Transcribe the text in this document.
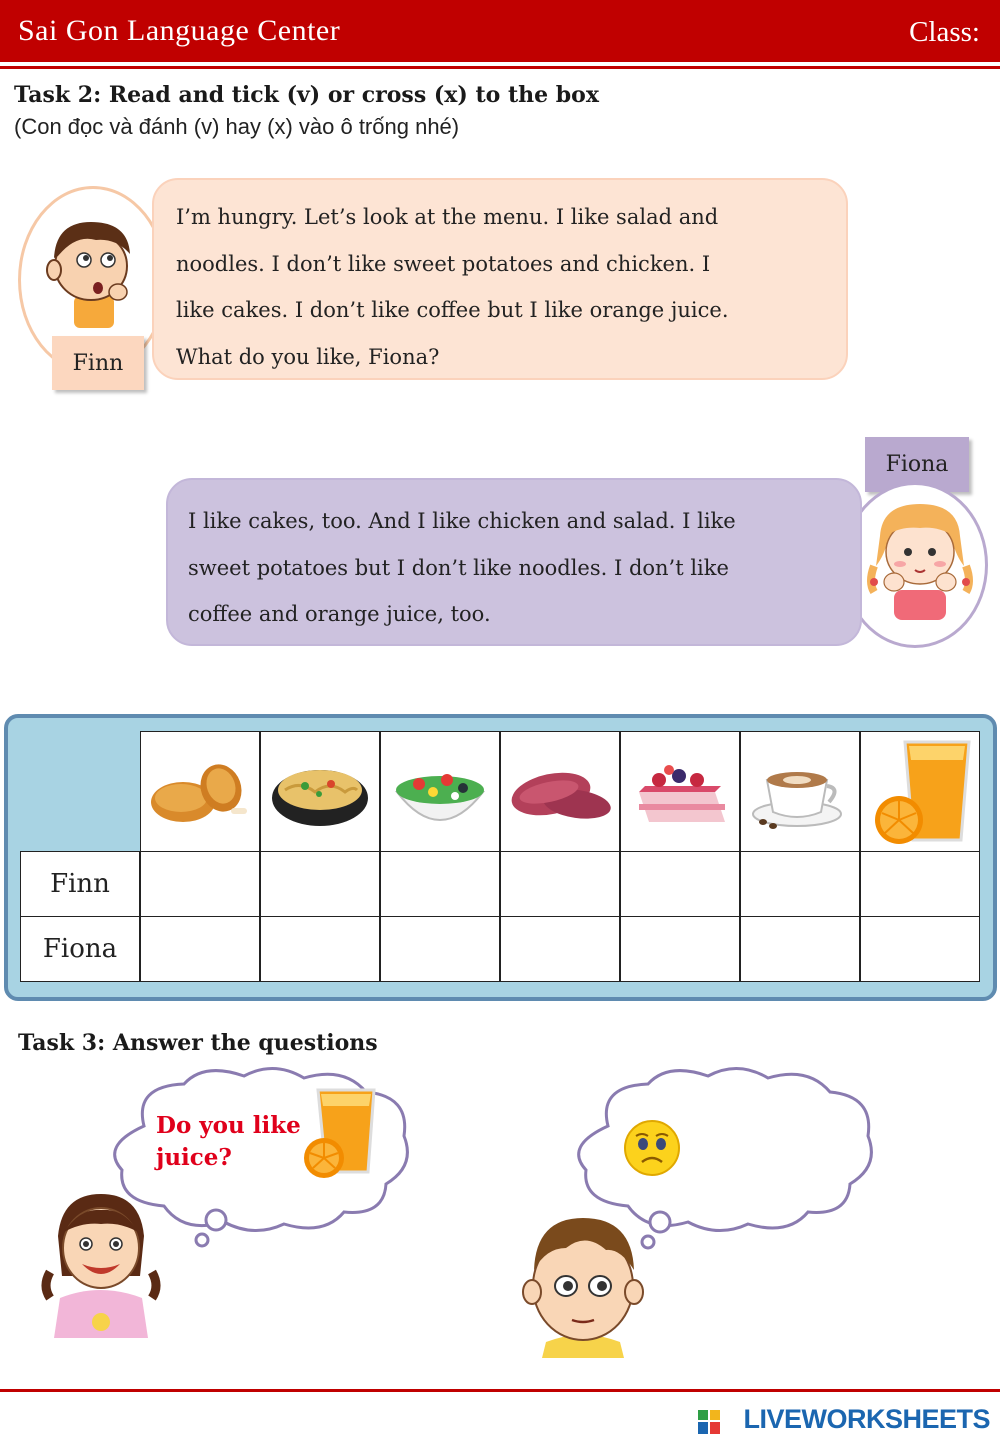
Sai Gon Language Center	Class:
Task 2: Read and tick (v) or cross (x) to the box
(Con đọc và đánh (v) hay (x) vào ô trống nhé)
Finn
I’m hungry. Let’s look at the menu. I like salad and
noodles. I don’t like sweet potatoes and chicken. I
like cakes. I don’t like coffee but I like orange juice.
What do you like, Fiona?
Fiona
I like cakes, too. And I like chicken and salad. I like
sweet potatoes but I don’t like noodles. I don’t like
coffee and orange juice, too.
Finn
Fiona
Task 3: Answer the questions
Do you like
juice?
LIVEWORKSHEETS
